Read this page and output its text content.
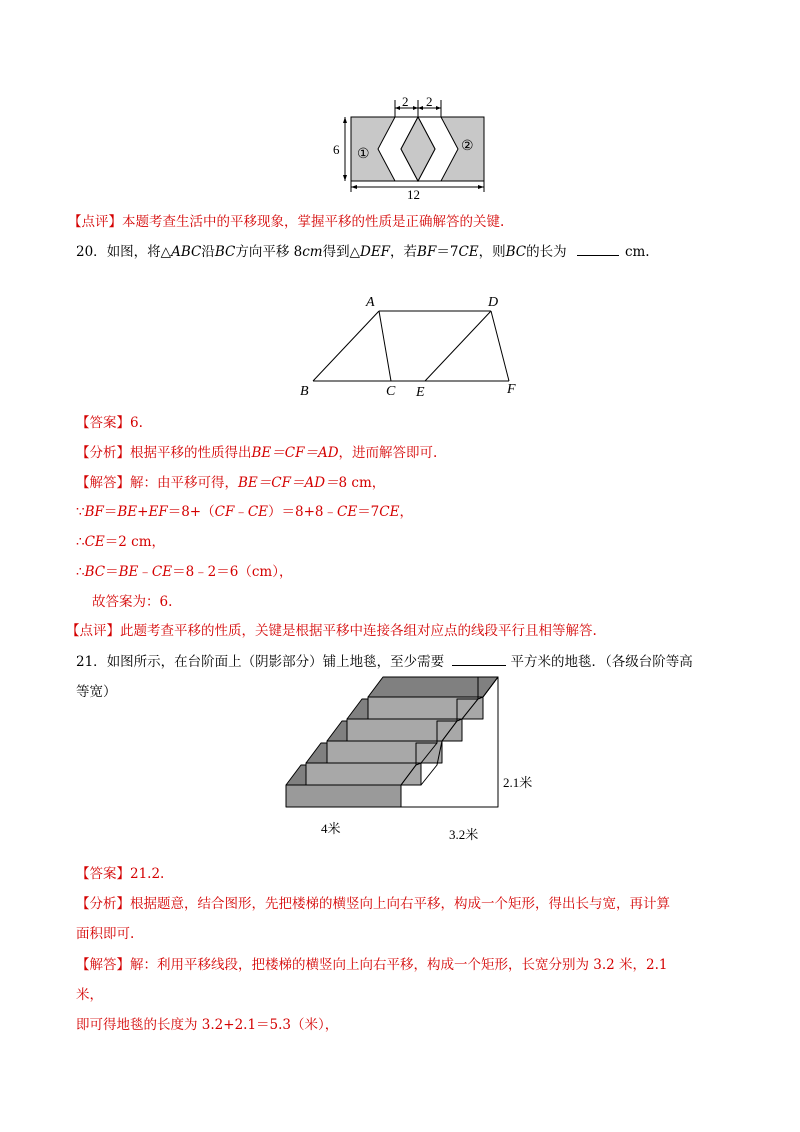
2 2
6
12
①
②
【点评】本题考查生活中的平移现象，掌握平移的性质是正确解答的关键.
20．如图，将△ABC沿BC方向平移 8cm得到△DEF，若BF＝7CE，则BC的长为	cm.
A	D
B	C E	F
【答案】6.
【分析】根据平移的性质得出BE＝CF＝AD，进而解答即可.
【解答】解：由平移可得，BE＝CF＝AD＝8 cm，
∵BF＝BE+EF＝8+（CF﹣CE）＝8+8﹣CE＝7CE，
∴CE＝2 cm，
∴BC＝BE﹣CE＝8﹣2＝6（cm），
故答案为：6.
【点评】此题考查平移的性质，关键是根据平移中连接各组对应点的线段平行且相等解答.
21．如图所示，在台阶面上（阴影部分）铺上地毯，至少需要	平方米的地毯．（各级台阶等高
等宽）
2.1米
4米	3.2米
【答案】21.2.
【分析】根据题意，结合图形，先把楼梯的横竖向上向右平移，构成一个矩形，得出长与宽，再计算
面积即可.
【解答】解：利用平移线段，把楼梯的横竖向上向右平移，构成一个矩形，长宽分别为 3.2 米，2.1
米，
即可得地毯的长度为 3.2+2.1＝5.3（米），
